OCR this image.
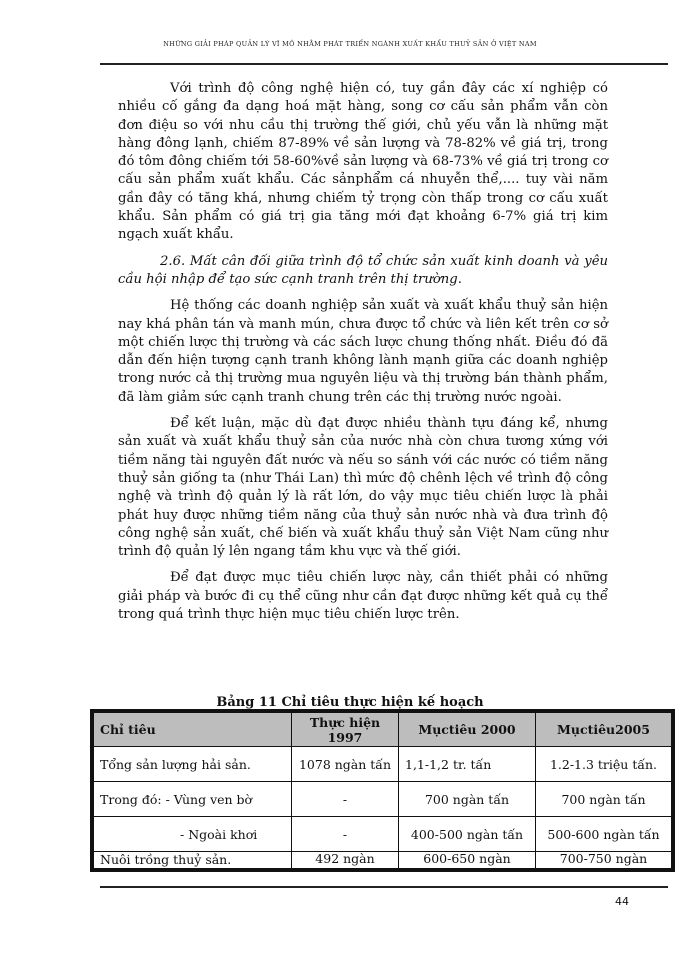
NHỮNG GIẢI PHÁP QUẢN LÝ VĨ MÔ NHẰM PHÁT TRIỂN NGÀNH XUẤT KHẨU THUỶ SẢN Ở VIỆT NAM

Với trình độ công nghệ hiện có, tuy gần đây các xí nghiệp có nhiều cố gắng đa dạng hoá mặt hàng, song cơ cấu sản phẩm vẫn còn đơn điệu so với nhu cầu thị trường thế giới, chủ yếu vẫn là những mặt hàng đông lạnh, chiếm 87-89% về sản lượng và 78-82% về giá trị, trong đó tôm đông chiếm tới 58-60%về sản lượng và 68-73% về giá trị trong cơ cấu sản phẩm xuất khẩu. Các sảnphẩm cá nhuyễn thể,.... tuy vài năm gần đây có tăng khá, nhưng chiếm tỷ trọng còn thấp trong cơ cấu xuất khẩu. Sản phẩm có giá trị gia tăng mới đạt khoảng 6-7% giá trị kim ngạch xuất khẩu.

2.6. Mất cân đối giữa trình độ tổ chức sản xuất kinh doanh và yêu cầu hội nhập để tạo sức cạnh tranh trên thị trường.

Hệ thống các doanh nghiệp sản xuất và xuất khẩu thuỷ sản hiện nay khá phân tán và manh mún, chưa được tổ chức và liên kết trên cơ sở một chiến lược thị trường và các sách lược chung thống nhất. Điều đó đã dẫn đến hiện tượng cạnh tranh không lành mạnh giữa các doanh nghiệp trong nước cả thị trường mua nguyên liệu và thị trường bán thành phẩm, đã làm giảm sức cạnh tranh chung trên các thị trường nước ngoài.

Để kết luận, mặc dù đạt được nhiều thành tựu đáng kể, nhưng sản xuất và xuất khẩu thuỷ sản của nước nhà còn chưa tương xứng với tiềm năng tài nguyên đất nước và nếu so sánh với các nước có tiềm năng thuỷ sản giống ta (như Thái Lan) thì mức độ chênh lệch về trình độ công nghệ và trình độ quản lý là rất lớn, do vậy mục tiêu chiến lược là phải phát huy được những tiềm năng của thuỷ sản nước nhà và đưa trình độ công nghệ sản xuất, chế biến và xuất khẩu thuỷ sản Việt Nam cũng như trình độ quản lý lên ngang tầm khu vực và thế giới.

Để đạt được mục tiêu chiến lược này, cần thiết phải có những giải pháp và bước đi cụ thể cũng như cần đạt được những kết quả cụ thể trong quá trình thực hiện mục tiêu chiến lược trên.

Bảng 11 Chỉ tiêu thực hiện kế hoạch
Chỉ tiêu	Thực hiện 1997	Mụctiêu 2000	Mụctiêu2005
Tổng sản lượng hải sản.	1078 ngàn tấn	1,1-1,2 tr. tấn	1.2-1.3 triệu tấn.
Trong đó: - Vùng ven bờ	-	700 ngàn tấn	700 ngàn tấn
- Ngoài khơi	-	400-500 ngàn tấn	500-600 ngàn tấn
Nuôi trồng thuỷ sản.	492 ngàn	600-650 ngàn	700-750 ngàn
44
